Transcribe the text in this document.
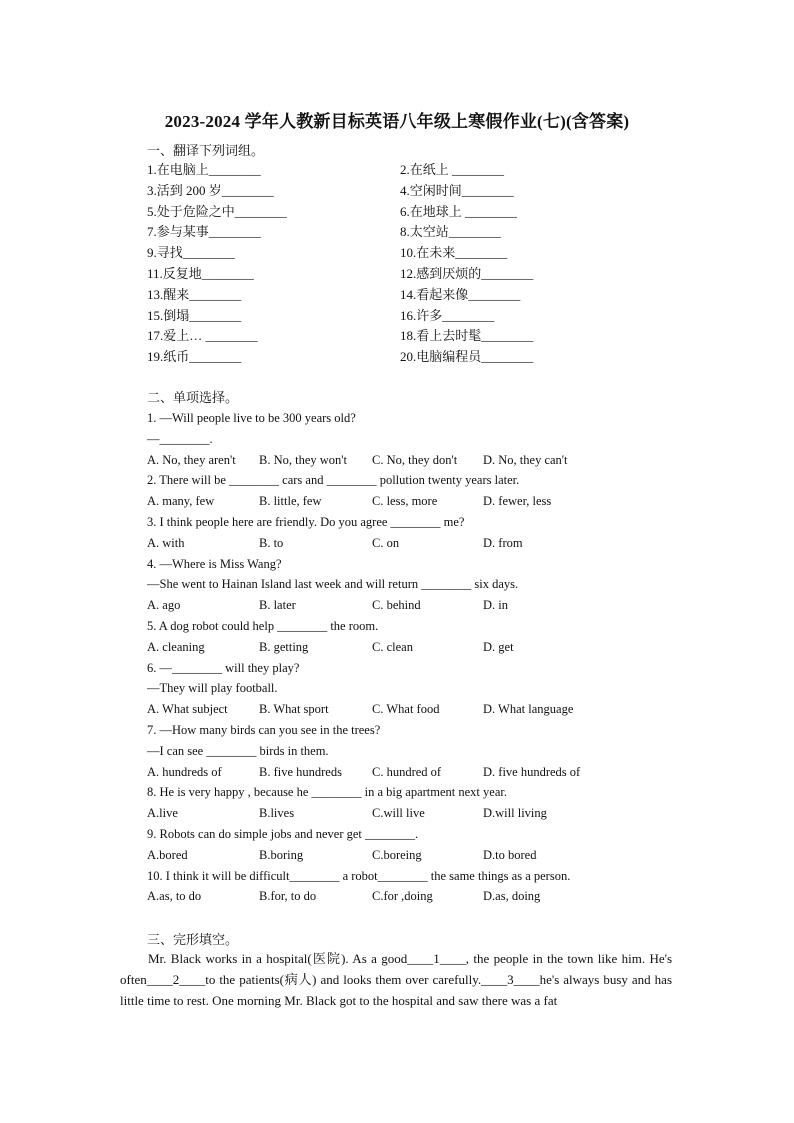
2023-2024 学年人教新目标英语八年级上寒假作业(七)(含答案)
一、翻译下列词组。
1.在电脑上________	2.在纸上 ________
3.活到 200 岁________	4.空闲时间________
5.处于危险之中________	6.在地球上 ________
7.参与某事________	8.太空站________
9.寻找________	10.在未来________
11.反复地________	12.感到厌烦的________
13.醒来________	14.看起来像________
15.倒塌________	16.许多________
17.爱上… ________	18.看上去时髦________
19.纸币________	20.电脑编程员________
二、单项选择。
1. —Will people live to be 300 years old?
—________.
A. No, they aren't B. No, they won't C. No, they don't D. No, they can't
2. There will be ________ cars and ________ pollution twenty years later.
A. many, few	B. little, few	C. less, more	D. fewer, less
3. I think people here are friendly. Do you agree ________ me?
A. with	B. to	C. on	D. from
4. —Where is Miss Wang?
—She went to Hainan Island last week and will return ________ six days.
A. ago	B. later	C. behind	D. in
5. A dog robot could help ________ the room.
A. cleaning	B. getting	C. clean	D. get
6. —________ will they play?
—They will play football.
A. What subject	B. What sport	C. What food	D. What language
7. —How many birds can you see in the trees?
—I can see ________ birds in them.
A. hundreds of	B. five hundreds C. hundred of	D. five hundreds of
8. He is very happy , because he ________ in a big apartment next year.
A.live	B.lives	C.will live	D.will living
9. Robots can do simple jobs and never get ________.
A.bored	B.boring	C.boreing	D.to bored
10. I think it will be difficult________ a robot________ the same things as a person.
A.as, to do	B.for, to do	C.for ,doing	D.as, doing
三、完形填空。

Mr. Black works in a hospital(医院). As a good____1____, the people in the town like him. He's often____2____to the patients(病人) and looks them over carefully.____3____he's always busy and has little time to rest. One morning Mr. Black got to the hospital and saw there was a fat
